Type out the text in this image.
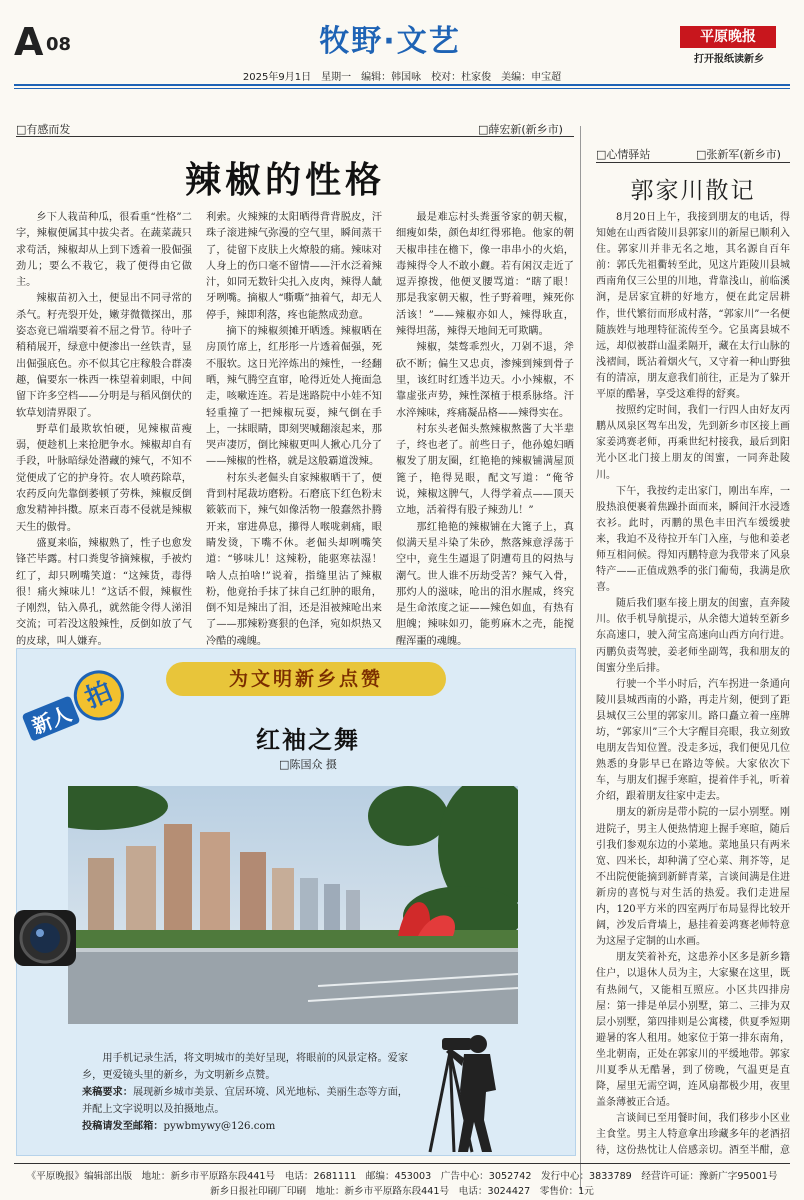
A 08	牧野·文艺	平原晚报
打开报纸读新乡
2025年9月1日　星期一　编辑：韩国咏　校对：杜家俊　美编：申宝超
□有感而发	□薛宏新(新乡市)
辣椒的性格

乡下人栽苗种瓜，很看重“性格”二字，辣椒便属其中拔尖者。在蔬菜蔬只求苟活，辣椒却从上到下透着一股倔强劲儿；要么不栽它，栽了便得由它做主。

辣椒苗初入土，便显出不同寻常的杀气。籽壳裂开处，嫩芽微微探出，那姿态竟已端端要着不屈之骨节。待叶子稍稍展开，绿意中便渗出一丝铁青，显出倔强底色。亦不似其它庄稼般合群凑趣，偏要东一株西一株望着刺眼，中间留下许多空档——分明是与稻风倒伏的软草划清界限了。

野草们最欺软怕硬，见辣椒苗瘦弱，便趁机上来抢肥争水。辣椒却自有手段，叶脉暗绿处潜藏的辣气，不知不觉便成了它的护身符。农人喷药除草，农药反向先靠倒萎顿了劳株，辣椒反倒愈发精神抖擞。原来百毒不侵就是辣椒天生的傲骨。

盛夏来临，辣椒熟了，性子也愈发锋芒毕露。村口粪叟爷摘辣椒，手被灼红了，却只咧嘴笑道：“这辣货，毒得很！痛火辣味儿！”这话不假，辣椒性子刚烈，钻入鼻孔，就然能令得人涕泪交流；可若没这般辣性，反倒如放了气的皮球，叫人嫌弃。

利索。火辣辣的太阳晒得背背脱皮，汗珠子滚进辣气弥漫的空气里，瞬间蒸干了，徒留下皮肤上火燎般的痛。辣味对人身上的伤口毫不留情——汗水泛着辣汁，如同无数针尖扎入皮肉，辣得人龇牙咧嘴。摘椒人“嘶嘶”抽着气，却无人停手，辣即利落，疼也能熬成劲意。

摘下的辣椒须摊开晒透。辣椒晒在房顶竹席上，红彤彤一片透着倔强，死不服软。这日光淬炼出的辣性，一经翻晒，辣气腾空直窜，呛得近处人掩面急走，咳嗽连连。若是迷路院中小娃不知轻重撞了一把辣椒玩耍，辣气倒在手上，一抹眼睛，即刻哭喊翻滚起来，那哭声凄厉，倒比辣椒更叫人揪心几分了——辣椒的性格，就是这般霸道泼辣。

村东头老倔头自家辣椒晒干了，便背到村尾裁坊磨粉。石磨底下红色粉末簌簌而下，辣气如像活物一般蠢然扑腾开来，窜进鼻息，攥得人喉咙刺痛，眼睛发烫，下嘴不休。老倔头却咧嘴笑道：“够味儿！这辣粉，能驱寒祛湿！啥人点拍啥!”说着，指缝里沾了辣椒粉，他竟抬手抹了抹自己红肿的眼角，倒不知是辣出了泪，还是泪被辣呛出来了——那辣粉赛狠的色泽，宛如炽热又冷酷的魂魄。

最是难忘村头粪蛋爷家的朝天椒，细瘦如柴，颜色却红得邪艳。他家的朝天椒串挂在檐下，像一串串小的火焰，毒辣得令人不敢小觑。若有闲汉走近了逗弄撩拨，他便叉腰骂道：“瞎了眼！那是我家朝天椒，性子野着哩，辣死你活该！”——辣椒亦如人，辣得耿直，辣得坦荡，辣得天地间无可欺瞒。

辣椒，桀骜乖烈火，刀剁不退，斧砍不断；偏生又忠贞，渗辣到辣到骨子里，该红时红透半边天。小小辣椒，不靠虚张声势，辣性深植于根系脉络。汗水淬辣味，疼痛凝品格——辣得实在。

村东头老倔头熬辣椒熬酱了大半辈子，终也老了。前些日子，他孙媳妇晒椒发了朋友圈，红艳艳的辣椒铺满屋顶篦子，艳得晃眼，配文写道：“俺爷说，辣椒这脾气，人得学着点——顶天立地，活着得有股子辣劲儿！”

那红艳艳的辣椒铺在大篦子上，真似满天星斗染了朱砂，熬落辣意浮荡于空中，竟生生逼退了阴遭苟且的闷热与潮气。世人谁不历劫受苦？辣气入骨，那灼人的滋味，呛出的泪水腥咸，终究是生命浓度之证——辣色如血，有热有胆魄；辣味如刃，能剪麻木之壳，能搅醒浑噩的魂魄。

□心情驿站	□张新军(新乡市)
郭家川散记

8月20日上午，我接到朋友的电话，得知她在山西省陵川县郭家川的新屋已顺利入住。郭家川并非无名之地，其名源自百年前：郭氏先祖衢转至此，见这片距陵川县城西南角仅三公里的川地，背靠浅山，前临溪涧，是居家宜耕的好地方，便在此定居耕作，世代繁衍而形成村落，“郭家川”一名便随族姓与地理特征流传至今。它虽离县城不远，却似被群山温柔隔开，藏在太行山脉的浅褶间，既沾着烟火气，又守着一种山野独有的清凉，朋友意我们前往，正是为了躲开平原的酷暑，享受这难得的舒爽。

按照约定时间，我们一行四人由好友丙鹏从凤泉区驾车出发，先到新乡市区接上画家姜鸿赛老师，再乘世纪村接我，最后到阳光小区北门接上朋友的闺蜜，一同奔赴陵川。

下午，我按约走出家门，刚出车库，一股热浪便裹着焦躁扑面而来，瞬间汗水浸透衣衫。此时，丙鹏的黑色丰田汽车缓缓驶来，我迫不及待拉开车门入座，与他和姜老师互相问候。得知丙鹏特意为我带来了风泉特产——正值成熟季的张门葡萄，我满是欣喜。

随后我们驱车接上朋友的闺蜜，直奔陵川。依手机导航提示，从余德大道转至新乡东高速口，驶入菏宝高速向山西方向行进。丙鹏负责驾驶，姜老师坐副驾，我和朋友的闺蜜分坐后排。

行驶一个半小时后，汽车拐进一条通向陵川县城西南的小路，再走片刻，便到了距县城仅三公里的郭家川。路口矗立着一座牌坊，“郭家川”三个大字醒目亮眼，我立刻致电朋友告知位置。没走多远，我们便见几位熟悉的身影早已在路边等候。大家依次下车，与朋友们握手寒暄，提着伴手礼，听着介绍，跟着朋友往家中走去。

朋友的新房是带小院的一层小别墅。刚进院子，男主人便热情迎上握手寒暄，随后引我们参观东边的小菜地。菜地虽只有两米宽、四米长，却种满了空心菜、荆芥等，足不出院便能摘到新鲜青菜，言谈间满是住进新房的喜悦与对生活的热爱。我们走进屋内，120平方米的四室两厅布局显得比较开阔，沙发后背墙上，悬挂着姜鸿赛老师特意为这屋子定制的山水画。

朋友笑着补充，这患养小区多是新乡籍住户，以退休人员为主，大家聚在这里，既有热闹气，又能相互照应。小区共四排房屋：第一排是单层小别墅，第二、三排为双层小别墅，第四排则是公寓楼，供夏季短期避暑的客人租用。她家位于第一排东南角，坐北朝南，正处在郭家川的平缓地带。郭家川夏季从无酷暑，到了傍晚，气温更是直降，屋里无需空调，连风扇都极少用，夜里盖条薄被正合适。

言谈间已至用餐时间，我们移步小区业主食堂。男主人特意拿出珍藏多年的老酒招待，这份热忱让人倍感亲切。酒至半酣，意

为文明新乡点赞
新人
拍
红袖之舞
□陈国众 摄
用手机记录生活，将文明城市的美好呈现，将眼前的风景定格。爱家乡，更爱镜头里的新乡，为文明新乡点赞。
来稿要求：展现新乡城市美景、宜居环境、风光地标、美丽生态等方面，并配上文字说明以及拍摄地点。
投稿请发至邮箱：pywbmywy@126.com
《平原晚报》编辑部出版　地址：新乡市平原路东段441号　电话：2681111　邮编：453003　广告中心：3052742　发行中心：3833789　经营许可证：豫新广字95001号
新乡日报社印刷厂印刷　地址：新乡市平原路东段441号　电话：3024427　零售价：1元
